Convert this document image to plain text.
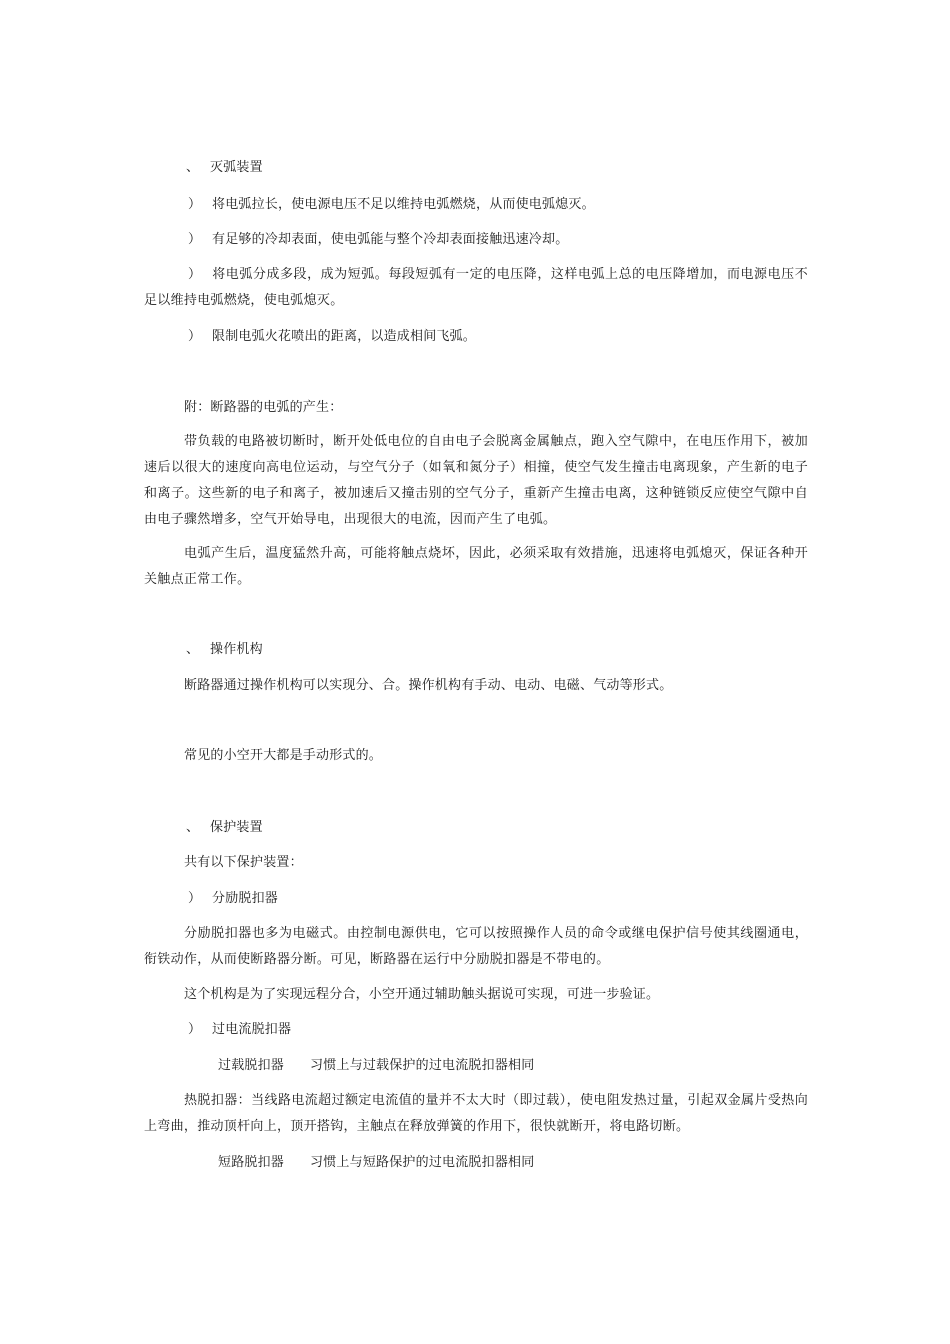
、 灭弧装置
） 将电弧拉长，使电源电压不足以维持电弧燃烧，从而使电弧熄灭。
） 有足够的冷却表面，使电弧能与整个冷却表面接触迅速冷却。
） 将电弧分成多段，成为短弧。每段短弧有一定的电压降，这样电弧上总的电压降增加，而电源电压不足以维持电弧燃烧，使电弧熄灭。
） 限制电弧火花喷出的距离，以造成相间飞弧。
附：断路器的电弧的产生：
带负载的电路被切断时，断开处低电位的自由电子会脱离金属触点，跑入空气隙中，在电压作用下，被加速后以很大的速度向高电位运动，与空气分子（如氧和氮分子）相撞，使空气发生撞击电离现象，产生新的电子和离子。这些新的电子和离子，被加速后又撞击别的空气分子，重新产生撞击电离，这种链锁反应使空气隙中自由电子骤然增多，空气开始导电，出现很大的电流，因而产生了电弧。
电弧产生后，温度猛然升高，可能将触点烧坏，因此，必须采取有效措施，迅速将电弧熄灭，保证各种开关触点正常工作。
、 操作机构
断路器通过操作机构可以实现分、合。操作机构有手动、电动、电磁、气动等形式。
常见的小空开大都是手动形式的。
、 保护装置
共有以下保护装置：
） 分励脱扣器
分励脱扣器也多为电磁式。由控制电源供电，它可以按照操作人员的命令或继电保护信号使其线圈通电，衔铁动作，从而使断路器分断。可见，断路器在运行中分励脱扣器是不带电的。
这个机构是为了实现远程分合，小空开通过辅助触头据说可实现，可进一步验证。
） 过电流脱扣器
过载脱扣器 习惯上与过载保护的过电流脱扣器相同
热脱扣器：当线路电流超过额定电流值的量并不太大时（即过载），使电阻发热过量，引起双金属片受热向上弯曲，推动顶杆向上，顶开搭钩，主触点在释放弹簧的作用下，很快就断开，将电路切断。
短路脱扣器 习惯上与短路保护的过电流脱扣器相同
